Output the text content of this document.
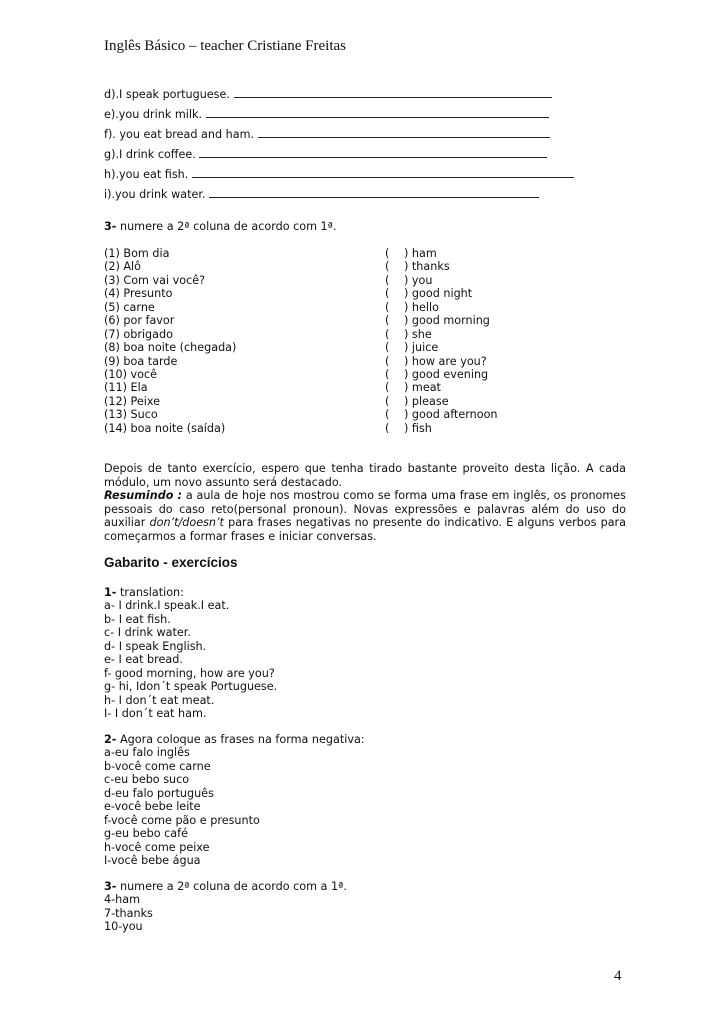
Inglês Básico – teacher Cristiane Freitas
d).I speak portuguese.
e).you drink milk.
f). you eat bread and ham.
g).I drink coffee.
h).you eat fish.
i).you drink water.
3- numere a 2ª coluna de acordo com 1ª.
(1) Bom dia	( ) ham
(2) Alô	( ) thanks
(3) Com vai você?	( ) you
(4) Presunto	( ) good night
(5) carne	( ) hello
(6) por favor	( ) good morning
(7) obrigado	( ) she
(8) boa noite (chegada)	( ) juice
(9) boa tarde	( ) how are you?
(10) você	( ) good evening
(11) Ela	( ) meat
(12) Peixe	( ) please
(13) Suco	( ) good afternoon
(14) boa noite (saída)	( ) fish

Depois de tanto exercício, espero que tenha tirado bastante proveito desta lição. A cada módulo, um novo assunto será destacado.

Resumindo : a aula de hoje nos mostrou como se forma uma frase em inglês, os pronomes pessoais do caso reto(personal pronoun). Novas expressões e palavras além do uso do auxiliar don’t/doesn’t para frases negativas no presente do indicativo. E alguns verbos para começarmos a formar frases e iniciar conversas.

Gabarito - exercícios
1- translation:
a- I drink.I speak.I eat.
b- I eat fish.
c- I drink water.
d- I speak English.
e- I eat bread.
f- good morning, how are you?
g- hi, Idon´t speak Portuguese.
h- I don´t eat meat.
I- I don´t eat ham.
2- Agora coloque as frases na forma negativa:
a-eu falo inglês
b-você come carne
c-eu bebo suco
d-eu falo português
e-você bebe leite
f-você come pão e presunto
g-eu bebo café
h-você come peixe
I-você bebe água
3- numere a 2ª coluna de acordo com a 1ª.
4-ham
7-thanks
10-you
4
